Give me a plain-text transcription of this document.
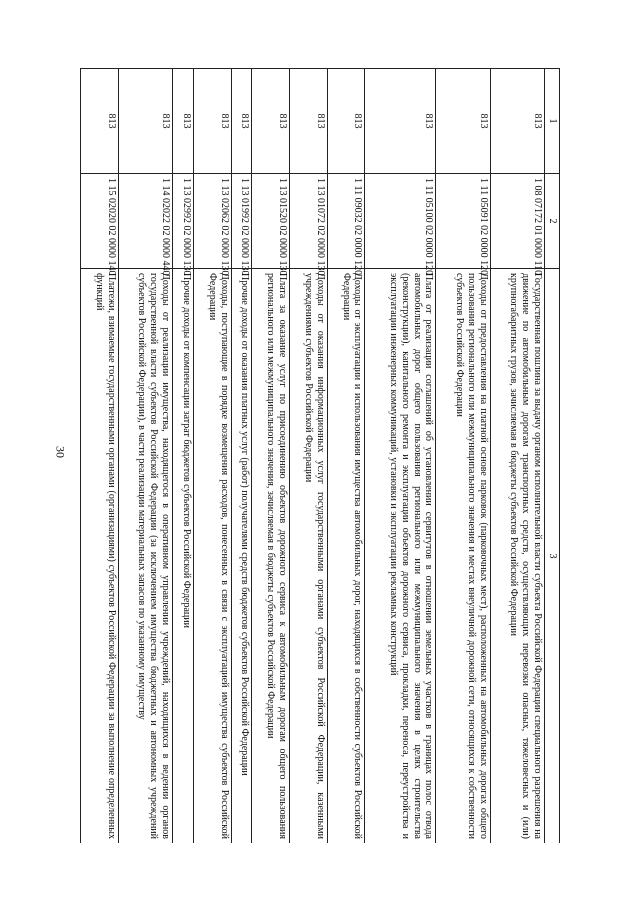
30
1	2	3
813	1 08 07172 01 0000 110	Государственная пошлина за выдачу органом исполнительной власти субъекта Российской Федерации специального разрешения на движение по автомобильным дорогам транспортных средств, осуществляющих перевозки опасных, тяжеловесных и (или) крупногабаритных грузов, зачисляемая в бюджеты субъектов Российской Федерации
813	1 11 05091 02 0000 120	Доходы от предоставления на платной основе парковок (парковочных мест), расположенных на автомобильных дорогах общего пользования регионального или межмуниципального значения и местах внеуличной дорожной сети, относящихся к собственности субъектов Российской Федерации
813	1 11 05100 02 0000 120	Плата от реализации соглашений об установлении сервитутов в отношении земельных участков в границах полос отвода автомобильных дорог общего пользования регионального или межмуниципального значения в целях строительства (реконструкции), капитального ремонта и эксплуатации объектов дорожного сервиса, прокладки, переноса, переустройства и эксплуатации инженерных коммуникаций, установки и эксплуатации рекламных конструкций
813	1 11 09032 02 0000 120	Доходы от эксплуатации и использования имущества автомобильных дорог, находящихся в собственности субъектов Российской Федерации
813	1 13 01072 02 0000 130	Доходы от оказания информационных услуг государственными органами субъектов Российской Федерации, казенными учреждениями субъектов Российской Федерации
813	1 13 01520 02 0000 130	Плата за оказание услуг по присоединению объектов дорожного сервиса к автомобильным дорогам общего пользования регионального или межмуниципального значения, зачисляемая в бюджеты субъектов Российской Федерации
813	1 13 01992 02 0000 130	Прочие доходы от оказания платных услуг (работ) получателями средств бюджетов субъектов Российской Федерации
813	1 13 02062 02 0000 130	Доходы, поступающие в порядке возмещения расходов, понесенных в связи с эксплуатацией имущества субъектов Российской Федерации
813	1 13 02992 02 0000 130	Прочие доходы от компенсации затрат бюджетов субъектов Российской Федерации
813	1 14 02022 02 0000 440	Доходы от реализации имущества, находящегося в оперативном управлении учреждений, находящихся в ведении органов государственной власти субъектов Российской Федерации (за исключением имущества бюджетных и автономных учреждений субъектов Российской Федерации), в части реализации материальных запасов по указанному имуществу
813	1 15 02020 02 0000 140	Платежи, взимаемые государственными органами (организациями) субъектов Российской Федерации за выполнение определенных функций
